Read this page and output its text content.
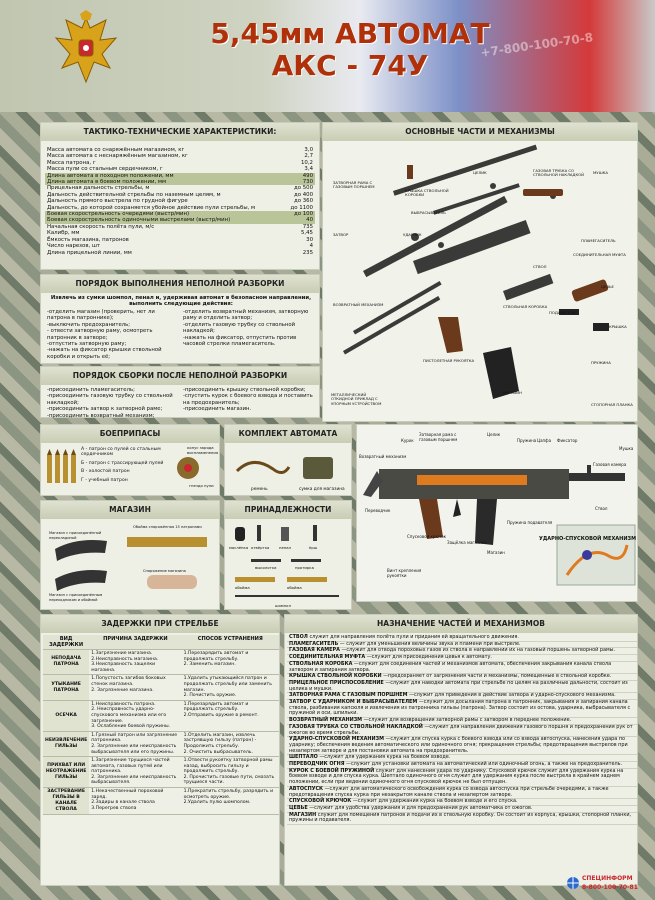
5,45мм АВТОМАТ
АКС - 74У
+7-800-100-70-8
ТАКТИКО-ТЕХНИЧЕСКИЕ ХАРАКТЕРИСТИКИ:
Масса автомата со снаряжённым магазином, кг	3,0
Масса автомата с неснаряжённым магазином, кг	2,7
Масса патрона, г	10,2
Масса пули со стальным сердечником, г	3,4
Длина автомата в походном положении, мм	490
Длина автомата в боевом положении, мм	730
Прицельная дальность стрельбы, м	до 500
Дальность действительной стрельбы по наземным целям, м	до 400
Дальность прямого выстрела по грудной фигуре	до 360
Дальность, до которой сохраняется убойное действие пули стрельбы, м	до 1100
Боевая скорострельность очередями (выстр/мин)	до 100
Боевая скорострельность одиночными выстрелами (выстр/мин)	40
Начальная скорость полёта пули, м/с	735
Калибр, мм	5,45
Ёмкость магазина, патронов	30
Число нарезов, шт	4
Длина прицельной линии, мм	235
ОСНОВНЫЕ ЧАСТИ И МЕХАНИЗМЫ
ЗАТВОРНАЯ РАМА С ГАЗОВЫМ ПОРШНЕМ
КРЫШКА СТВОЛЬНОЙ КОРОБКИ
ВЫБРАСЫВАТЕЛЬ
ЦЕЛИК	ГАЗОВАЯ ТРУБКА СО СТВОЛЬНОЙ НАКЛАДКОЙ	МУШКА
ЗАТВОР	УДАРНИК
ПЛАМЕГАСИТЕЛЬ
СОЕДИНИТЕЛЬНАЯ МУФТА
СТВОЛ
ЦЕВЬЕ
ВОЗВРАТНЫЙ МЕХАНИЗМ	СТВОЛЬНАЯ КОРОБКА
ПОДАВАТЕЛЬ
КРЫШКА
ПИСТОЛЕТНАЯ РУКОЯТКА	ПРУЖИНА
МАГАЗИН
МЕТАЛЛИЧЕСКИЙ ОТКИДНОЙ ПРИКЛАД С УПОРНЫМ УСТРОЙСТВОМ	СТОПОРНАЯ ПЛАНКА
ПОРЯДОК ВЫПОЛНЕНИЯ НЕПОЛНОЙ РАЗБОРКИ
Извлечь из сумки шомпол, пенал и, удерживая автомат в безопасном направлении, выполнить следующие действия:
-отделить магазин (проверить, нет ли патрона в патроннике);
-выключить предохранитель;
- отвести затворную раму, осмотреть патронник в затворе;
-отпустить затворную раму;
-нажать на фиксатор крышки ствольной коробки и открыть её;
-отделить возвратный механизм, затворную раму и отделить затвор;
-отделить газовую трубку со ствольной накладкой;
-нажать на фиксатор, отпустить против часовой стрелки пламегаситель.
ПОРЯДОК СБОРКИ ПОСЛЕ НЕПОЛНОЙ РАЗБОРКИ
-присоединить пламегаситель;
-присоединить газовую трубку со ствольной накладкой;
-присоединить затвор к затворной раме;
-присоединить возвратный механизм;
-присоединить крышку ствольной коробки;
-спустить курок с боевого взвода и поставить на предохранитель;
-присоединить магазин.
БОЕПРИПАСЫ
А - патрон со пулей со стальным сердечником
Б - патрон с трассирующей пулей
В - холостой патрон
Г - учебный патрон
конус заряда воспламенения
гнездо пули
КОМПЛЕКТ АВТОМАТА
ремень	сумка для магазина
Курок
Затворная рама с газовым поршнем
Целик
Пружина Цапфа Фиксатор
Возвратный механизм
Мушка
Газовая камера
Переводчик
Спусковой крючок
Защёлка магазина
Магазин
Пружина подавателя
Ствол
Винт крепления рукоятки
УДАРНО-СПУСКОВОЙ МЕХАНИЗМ
МАГАЗИН
Магазин с присоединённой перекладиной
Обойма снаряжённая 15 патронами
Магазин с присоединённым переходником и обоймой
Снаряжение магазина
ПРИНАДЛЕЖНОСТИ
маслёнка отвёртка	пенал	ёрш
выколотка	протирка
обойма	обойма
шомпол
ЗАДЕРЖКИ ПРИ СТРЕЛЬБЕ
ВИД ЗАДЕРЖКИ	ПРИЧИНА ЗАДЕРЖКИ	СПОСОБ УСТРАНЕНИЯ
НЕПОДАЧА ПАТРОНА	1.Загрязнение магазина.
2.Неисправность магазина.
3.Неисправность защелки магазина.	1.Перезарядить автомат и продолжать стрельбу.
2. Заменить магазин.
УТЫКАНИЕ ПАТРОНА	1.Попустость загибов боковых стенок магазина.
2. Загрязнение магазина.	1.Удалить утыкающийся патрон и продолжать стрельбу или заменить магазин.
2. Почистить оружие.
ОСЕЧКА	1.Неисправность патрона.
2. Неисправность ударно-спускового механизма или его загрязнение.
3. Ослабление боевой пружины.	1.Перезарядить автомат и продолжать стрельбу.
2.Отправить оружие в ремонт.
НЕИЗВЛЕЧЕНИЕ ГИЛЬЗЫ	1.Грязный патрон или загрязнение патронника.
2. Загрязнение или неисправность выбрасывателя или его пружины.	1.Отделить магазин, извлечь застрявшую гильзу (патрон) - Продолжить стрельбу.
2. Очистить выбрасыватель.
ПРИХВАТ ИЛИ НЕОТРАЖЕНИЕ ГИЛЬЗЫ	1.Загрязнение трущихся частей автомата, газовых путей или патронника.
2. Загрязнение или неисправность выбрасывателя.	1.Отвести рукоятку затворной рамы назад, выбросить гильзу и продолжить стрельбу.
2. Прочистить газовые пути, смазать трущиеся части.
ЗАСТРЕВАНИЕ ГИЛЬЗЫ В КАНАЛЕ СТВОЛА	1.Некачественный пороховой заряд.
2.Задиры в канале ствола
3.Перегрев ствола	1.Прекратить стрельбу, разрядить и осмотреть оружие.
2.Удалить пулю шомполом.
НАЗНАЧЕНИЕ ЧАСТЕЙ И МЕХАНИЗМОВ

СТВОЛ служит для направления полёта пули и придания ей вращательного движения.

ПЛАМЕГАСИТЕЛЬ — служит для уменьшения величины звука и пламени при выстреле.

ГАЗОВАЯ КАМЕРА —служит для отвода пороховых газов из ствола в направлении их на газовый поршень затворной рамы.

СОЕДИНИТЕЛЬНАЯ МУФТА —служит для присоединения цевья к автомату.

СТВОЛЬНАЯ КОРОБКА —служит для соединения частей и механизмов автомата, обеспечения закрывания канала ствола затвором и запирания затвора.

КРЫШКА СТВОЛЬНОЙ КОРОБКИ —предохраняет от загрязнения части и механизмы, помещенные в ствольной коробке.

ПРИЦЕЛЬНОЕ ПРИСПОСОБЛЕНИЕ —служит для наводки автомата при стрельбе по целям на различные дальности, состоит из целика и мушки.

ЗАТВОРНАЯ РАМА С ГАЗОВЫМ ПОРШНЕМ —служит для приведения в действие затвора и ударно-спускового механизма.

ЗАТВОР С УДАРНИКОМ И ВЫБРАСЫВАТЕЛЕМ —служит для досылания патрона в патронник, закрывания и запирания канала ствола, разбивания капсюля и извлечения из патронника гильзы (патрона). Затвор состоит из остова, ударника, выбрасывателя с пружиной и оси, шпильки.

ВОЗВРАТНЫЙ МЕХАНИЗМ —служит для возвращения затворной рамы с затвором в переднее положение.

ГАЗОВАЯ ТРУБКА СО СТВОЛЬНОЙ НАКЛАДКОЙ —служит для направления движения газового поршня и предохранения рук от ожогов во время стрельбы.

УДАРНО-СПУСКОВОЙ МЕХАНИЗМ —служит для спуска курка с боевого взвода или со взвода автоспуска, нанесения удара по ударнику; обеспечения ведения автоматического или одиночного огня; прекращения стрельбы; предотвращения выстрелов при незапертом затворе и для постановки автомата на предохранитель.

ШЕПТАЛО —служит для удержания курка на боевом взводе.

ПЕРЕВОДЧИК ОГНЯ —служит для установки автомата на автоматический или одиночный огонь, а также на предохранитель.

КУРОК С БОЕВОЙ ПРУЖИНОЙ служит для нанесения удара по ударнику. Спусковой крючок служит для удержания курка на боевом взводе и для спуска курка. Шептало одиночного огня служит для удержания курка после выстрела в крайнем заднем положении, если при ведении одиночного огня спусковой крючок не был отпущен.

АВТОСПУСК —служит для автоматического освобождения курка со взвода автоспуска при стрельбе очередями, а также предотвращения спуска курка при незакрытом канале ствола и незапертом затворе.

СПУСКОВОЙ КРЮЧОК —служит для удержания курка на боевом взводе и его спуска.

ЦЕВЬЕ —служит для удобства удержания и для предохранения рук автоматчика от ожогов.

МАГАЗИН служит для помещения патронов и подачи их в ствольную коробку. Он состоит из корпуса, крышки, стопорной планки, пружины и подавателя.

СПЕЦИНФОРМ
8-800-100-70-81
